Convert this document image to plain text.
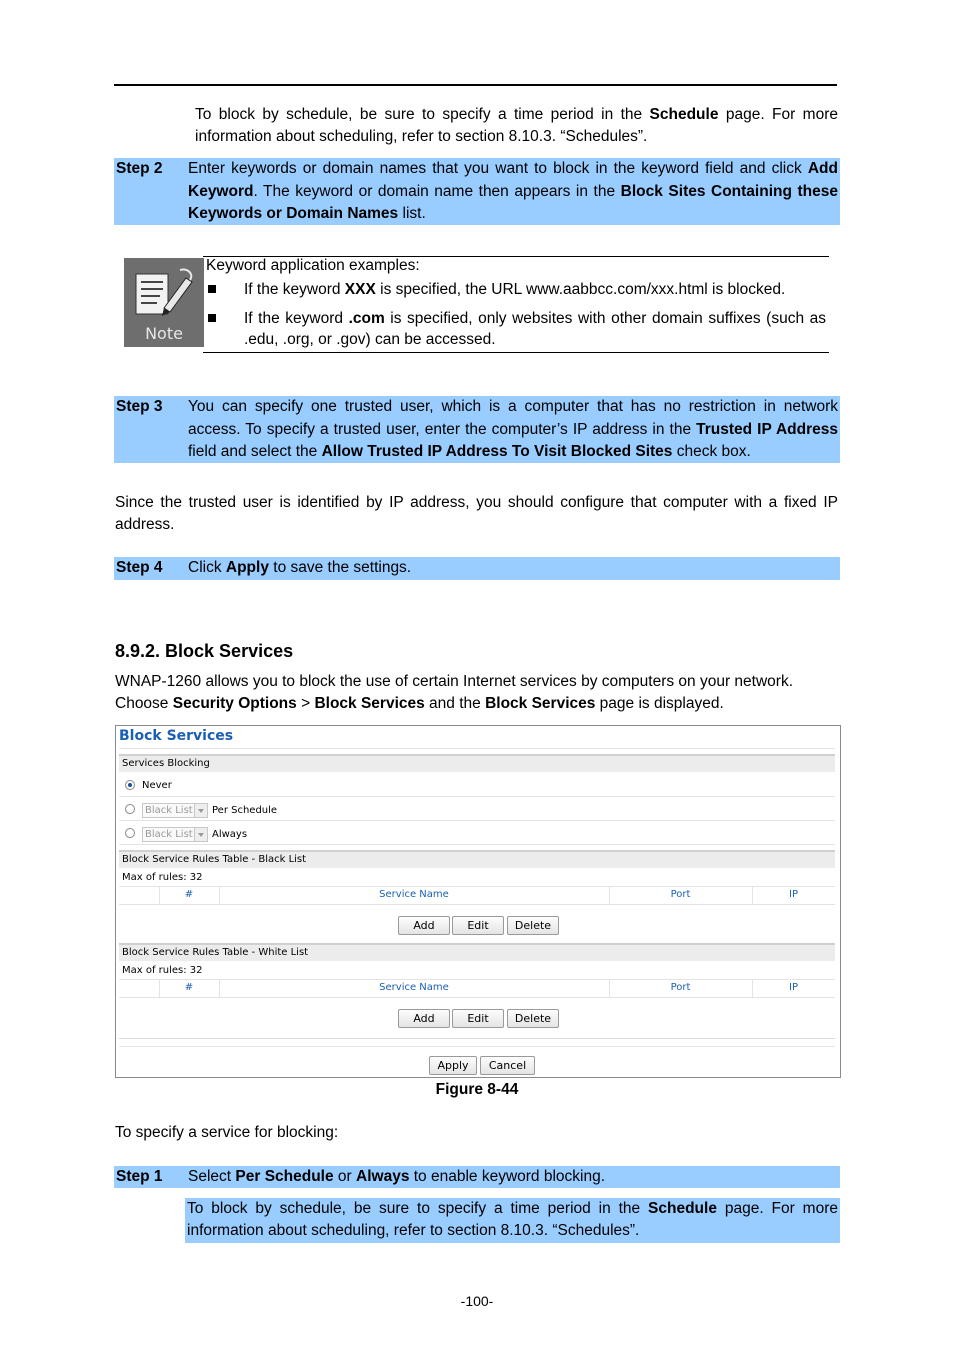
To block by schedule, be sure to specify a time period in the Schedule page. For more information about scheduling, refer to section 8.10.3. “Schedules”.
Step 2 Enter keywords or domain names that you want to block in the keyword field and click Add Keyword. The keyword or domain name then appears in the Block Sites Containing these Keywords or Domain Names list.
Note
Keyword application examples:
If the keyword XXX is specified, the URL www.aabbcc.com/xxx.html is blocked.
If the keyword .com is specified, only websites with other domain suffixes (such as .edu, .org, or .gov) can be accessed.
Step 3 You can specify one trusted user, which is a computer that has no restriction in network access. To specify a trusted user, enter the computer’s IP address in the Trusted IP Address field and select the Allow Trusted IP Address To Visit Blocked Sites check box.
Since the trusted user is identified by IP address, you should configure that computer with a fixed IP address.
Step 4 Click Apply to save the settings.
8.9.2. Block Services
WNAP-1260 allows you to block the use of certain Internet services by computers on your network.
Choose Security Options > Block Services and the Block Services page is displayed.
Block Services
Services Blocking
Never
Black List Per Schedule
Black List Always
Block Service Rules Table - Black List
Max of rules: 32
#	Service Name	Port	IP
Add	Edit	Delete
Block Service Rules Table - White List
Max of rules: 32
#	Service Name	Port	IP
Add	Edit	Delete
Apply	Cancel
Figure 8-44
To specify a service for blocking:
Step 1 Select Per Schedule or Always to enable keyword blocking.
To block by schedule, be sure to specify a time period in the Schedule page. For more information about scheduling, refer to section 8.10.3. “Schedules”.
-100-
